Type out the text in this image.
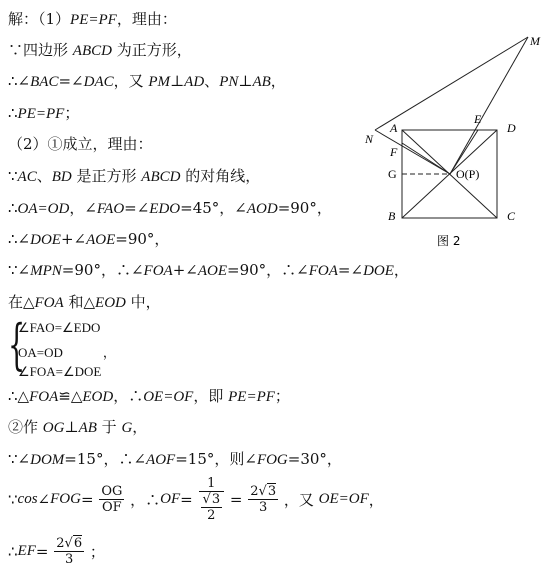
解：（1）PE=PF，理由：
∵四边形 ABCD 为正方形，
∴∠BAC=∠DAC，又 PM⊥AD、PN⊥AB，
∴PE=PF；
（2）①成立，理由：
∵AC、BD 是正方形 ABCD 的对角线，
∴OA=OD，∠FAO=∠EDO=45°，∠AOD=90°，
∴∠DOE+∠AOE=90°，
∵∠MPN=90°，∴∠FOA+∠AOE=90°，∴∠FOA=∠DOE，
在△FOA 和△EOD 中，
{
∠FAO=∠EDO
OA=OD	，
∠FOA=∠DOE
∴△FOA≌△EOD，∴OE=OF，即 PE=PF；
②作 OG⊥AB 于 G，
∵∠DOM=15°，∴∠AOF=15°，则∠FOG=30°，
∵cos∠FOG= $\frac{OG}{OF}$ ，∴OF= $\frac{1}{\frac{√3}{2}} = \frac{2√3}{3}$ ，又 OE=OF，
∴EF= $\frac{2√6}{3}$ ；
M
N
A
E
D
F
G	O(P)
B	C
图 2
